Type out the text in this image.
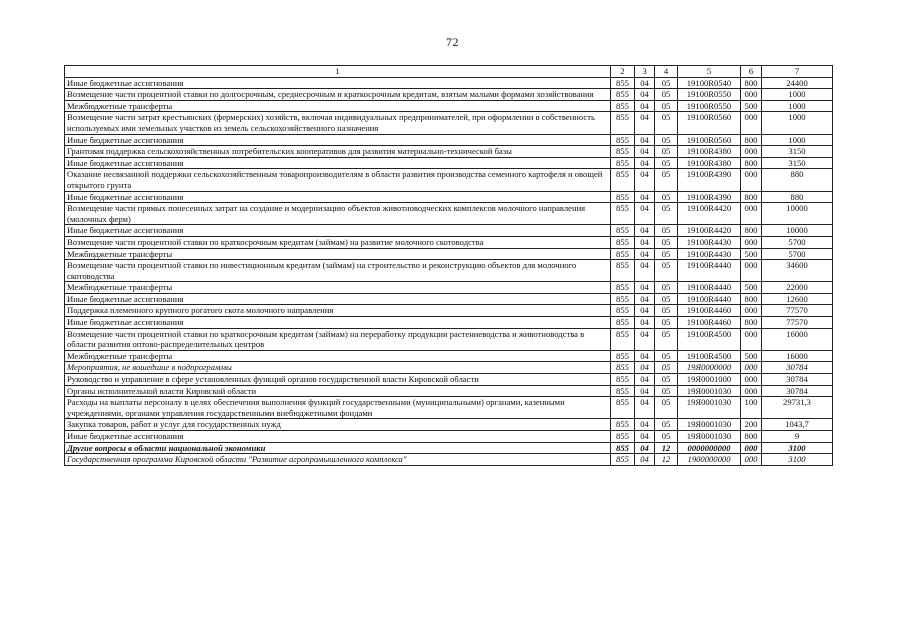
72
1	2	3	4	5	6	7
Иные бюджетные ассигнования	855	04	05	19100R0540	800	24400
Возмещение части процентной ставки по долгосрочным, среднесрочным и краткосрочным кредитам, взятым малыми формами хозяйствования	855	04	05	19100R0550	000	1000
Межбюджетные трансферты	855	04	05	19100R0550	500	1000
Возмещение части затрат крестьянских (фермерских) хозяйств, включая индивидуальных предпринимателей, при оформлении в собственность используемых ими земельных участков из земель сельскохозяйственного назначения	855	04	05	19100R0560	000	1000
Иные бюджетные ассигнования	855	04	05	19100R0560	800	1000
Грантовая поддержка сельскохозяйственных потребительских кооперативов для развития материально-технической базы	855	04	05	19100R4380	000	3150
Иные бюджетные ассигнования	855	04	05	19100R4380	800	3150
Оказание несвязанной поддержки сельскохозяйственным товаропроизводителям в области развития производства семенного картофеля и овощей открытого грунта	855	04	05	19100R4390	000	880
Иные бюджетные ассигнования	855	04	05	19100R4390	800	880
Возмещение части прямых понесенных затрат на создание и модернизацию объектов животноводческих комплексов молочного направления (молочных ферм)	855	04	05	19100R4420	000	10000
Иные бюджетные ассигнования	855	04	05	19100R4420	800	10000
Возмещение части процентной ставки по краткосрочным кредитам (займам) на развитие молочного скотоводства	855	04	05	19100R4430	000	5700
Межбюджетные трансферты	855	04	05	19100R4430	500	5700
Возмещение части процентной ставки по инвестиционным кредитам (займам) на строительство и реконструкцию объектов для молочного скотоводства	855	04	05	19100R4440	000	34600
Межбюджетные трансферты	855	04	05	19100R4440	500	22000
Иные бюджетные ассигнования	855	04	05	19100R4440	800	12600
Поддержка племенного крупного рогатого скота молочного направления	855	04	05	19100R4460	000	77570
Иные бюджетные ассигнования	855	04	05	19100R4460	800	77570
Возмещение части процентной ставки по краткосрочным кредитам (займам) на переработку продукции растениеводства и животноводства в области развития оптово-распределительных центров	855	04	05	19100R4500	000	16000
Межбюджетные трансферты	855	04	05	19100R4500	500	16000
Мероприятия, не вошедшие в подпрограммы	855	04	05	19Я0000000	000	30784
Руководство и управление в сфере установленных функций органов государственной власти Кировской области	855	04	05	19Я0001000	000	30784
Органы исполнительной власти Кировской области	855	04	05	19Я0001030	000	30784
Расходы на выплаты персоналу в целях обеспечения выполнения функций государственными (муниципальными) органами, казенными учреждениями, органами управления государственными внебюджетными фондами	855	04	05	19Я0001030	100	29731,3
Закупка товаров, работ и услуг для государственных нужд	855	04	05	19Я0001030	200	1043,7
Иные бюджетные ассигнования	855	04	05	19Я0001030	800	9
Другие вопросы в области национальной экономики	855	04	12	0000000000	000	3100
Государственная программа Кировской области "Развитие агропромышленного комплекса"	855	04	12	1900000000	000	3100
